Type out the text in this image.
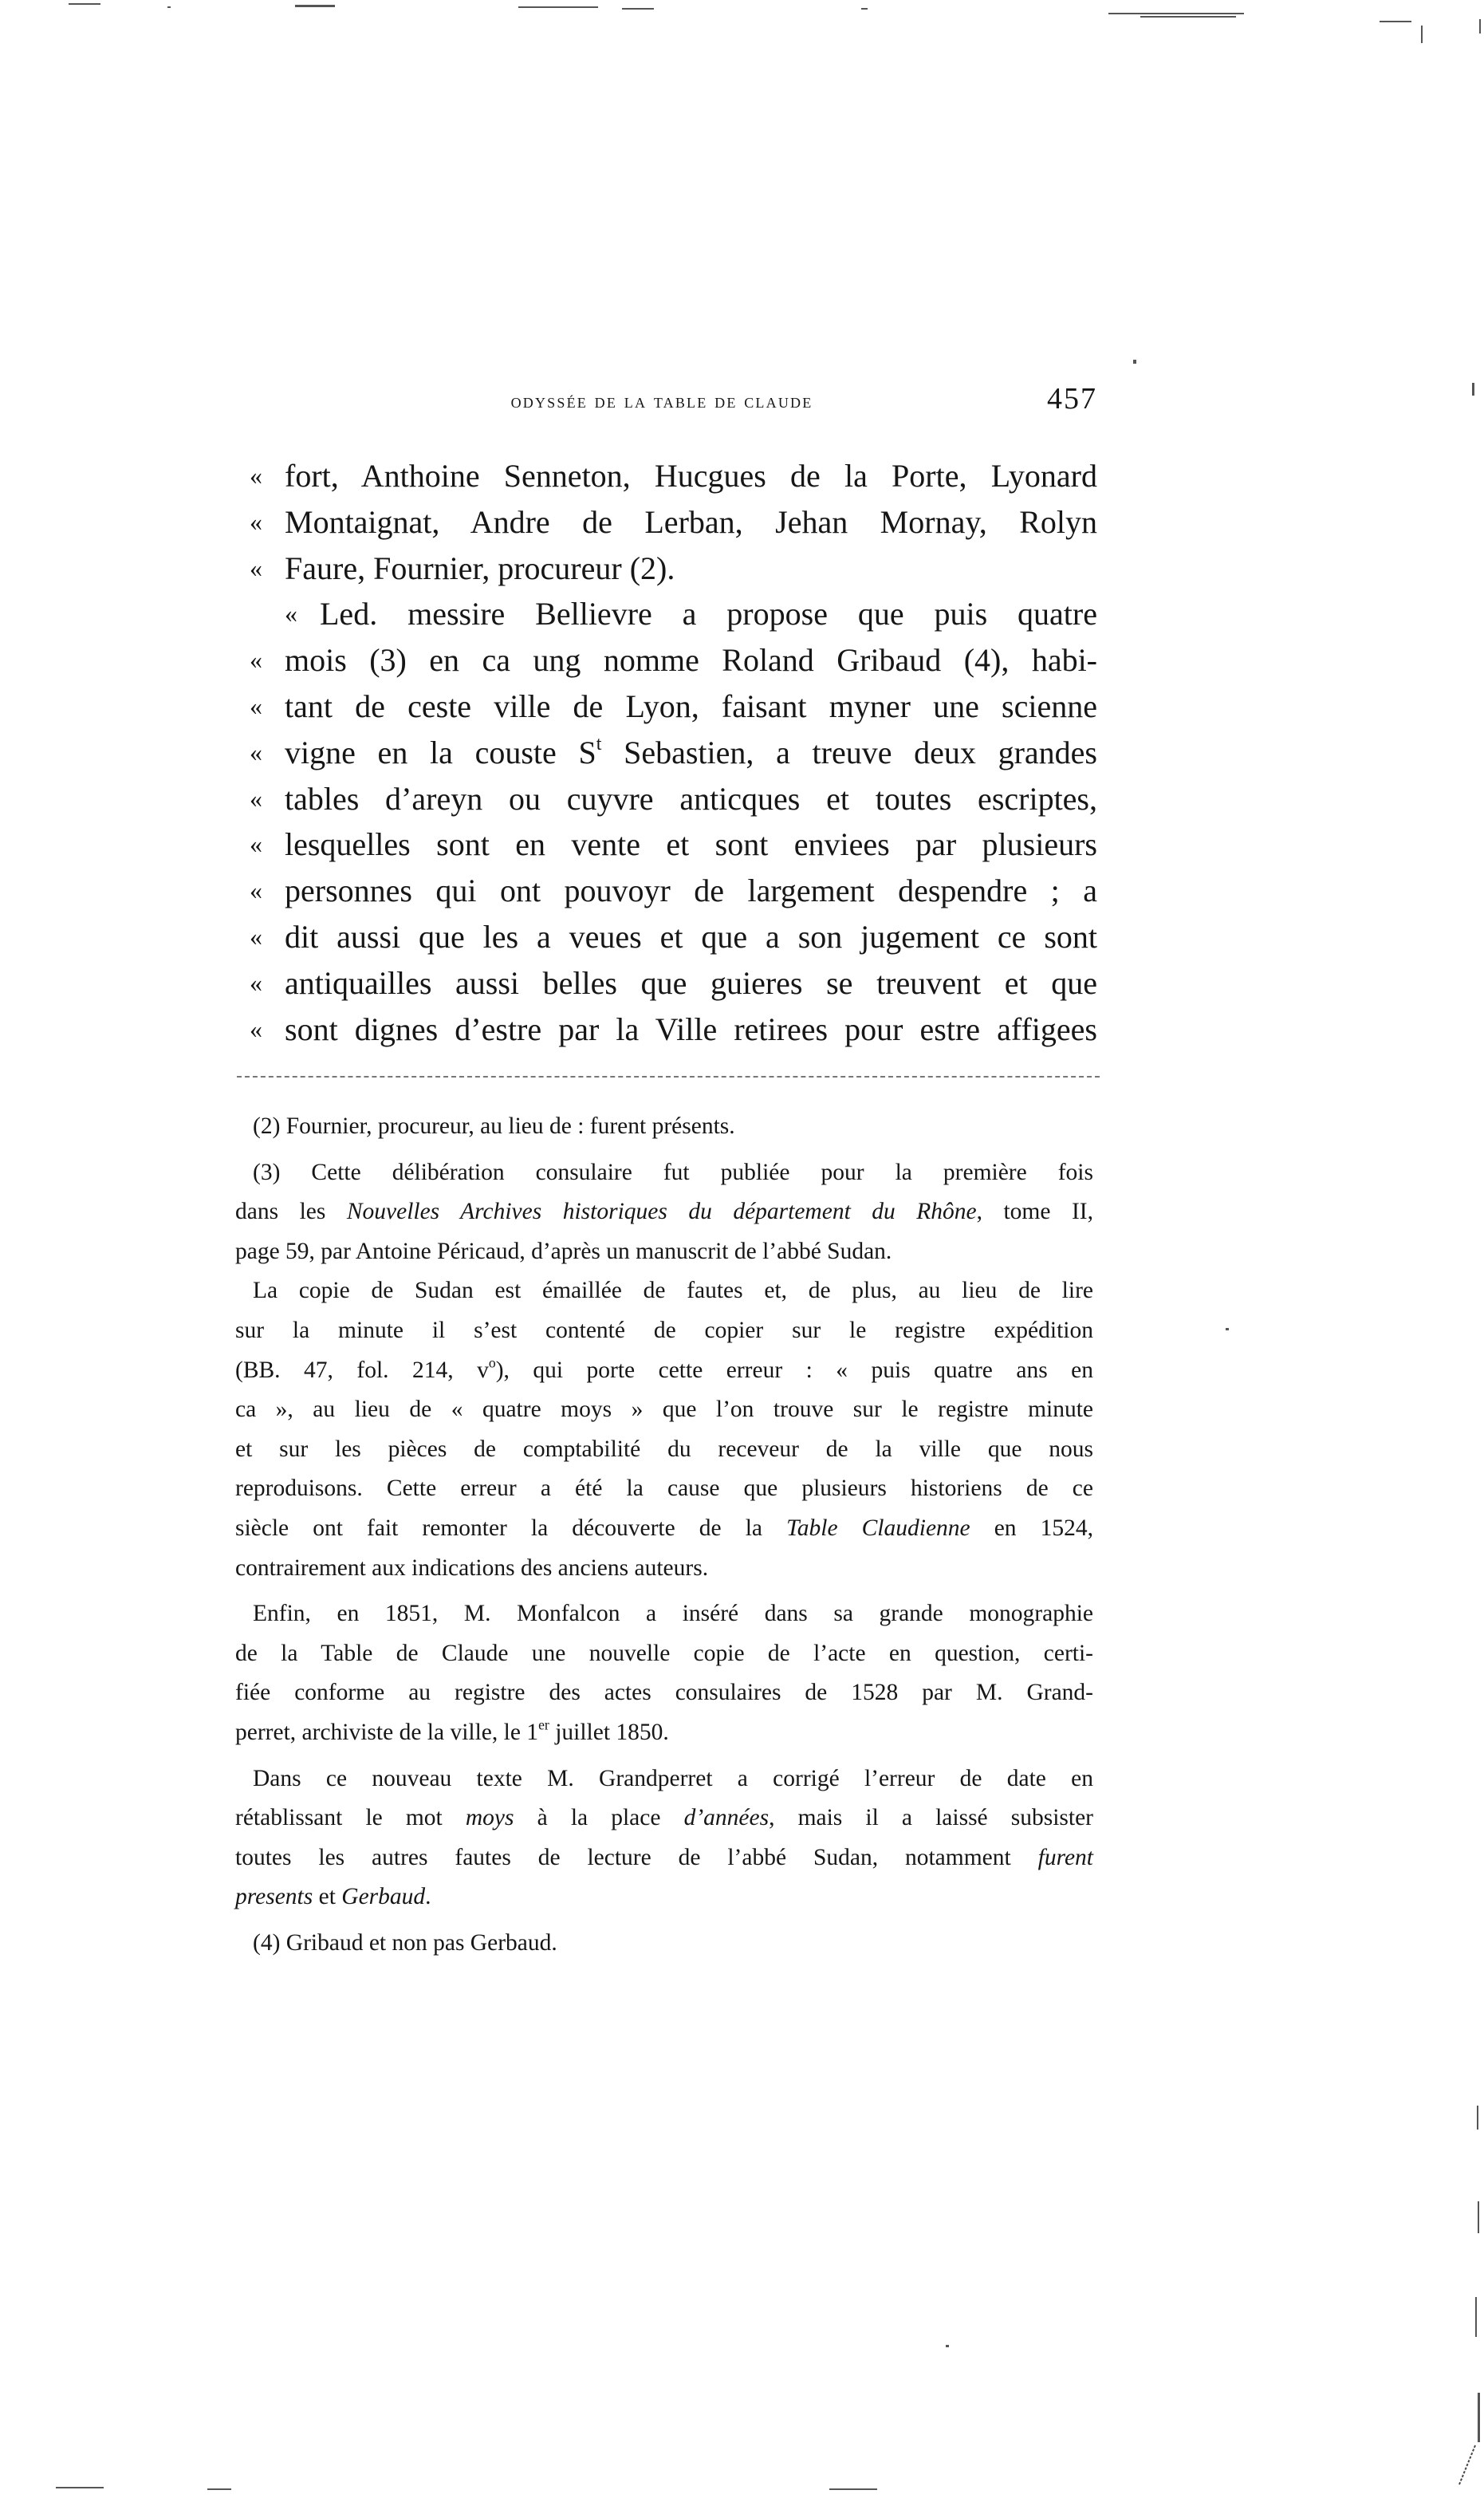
odyssée de la table de claude	457
« fort, Anthoine Senneton, Hucgues de la Porte, Lyonard
« Montaignat, Andre de Lerban, Jehan Mornay, Rolyn
« Faure, Fournier, procureur (2).
« Led. messire Bellievre a propose que puis quatre
« mois (3) en ca ung nomme Roland Gribaud (4), habi-
« tant de ceste ville de Lyon, faisant myner une scienne
« vigne en la couste $S^t$ Sebastien, a treuve deux grandes
« tables d’areyn ou cuyvre anticques et toutes escriptes,
« lesquelles sont en vente et sont enviees par plusieurs
« personnes qui ont pouvoyr de largement despendre ; a
« dit aussi que les a veues et que a son jugement ce sont
« antiquailles aussi belles que guieres se treuvent et que
« sont dignes d’estre par la Ville retirees pour estre affigees
(2) Fournier, procureur, au lieu de : furent présents.
(3) Cette délibération consulaire fut publiée pour la première fois
dans les Nouvelles Archives historiques du département du Rhône, tome II,
page 59, par Antoine Péricaud, d’après un manuscrit de l’abbé Sudan.
La copie de Sudan est émaillée de fautes et, de plus, au lieu de lire
sur la minute il s’est contenté de copier sur le registre expédition
(BB. 47, fol. 214, $v^o$), qui porte cette erreur : « puis quatre ans en
ca », au lieu de « quatre moys » que l’on trouve sur le registre minute
et sur les pièces de comptabilité du receveur de la ville que nous
reproduisons. Cette erreur a été la cause que plusieurs historiens de ce
siècle ont fait remonter la découverte de la Table Claudienne en 1524,
contrairement aux indications des anciens auteurs.
Enfin, en 1851, M. Monfalcon a inséré dans sa grande monographie
de la Table de Claude une nouvelle copie de l’acte en question, certi-
fiée conforme au registre des actes consulaires de 1528 par M. Grand-
perret, archiviste de la ville, le 1er juillet 1850.
Dans ce nouveau texte M. Grandperret a corrigé l’erreur de date en
rétablissant le mot moys à la place d’années, mais il a laissé subsister
toutes les autres fautes de lecture de l’abbé Sudan, notamment furent
presents et Gerbaud.
(4) Gribaud et non pas Gerbaud.
